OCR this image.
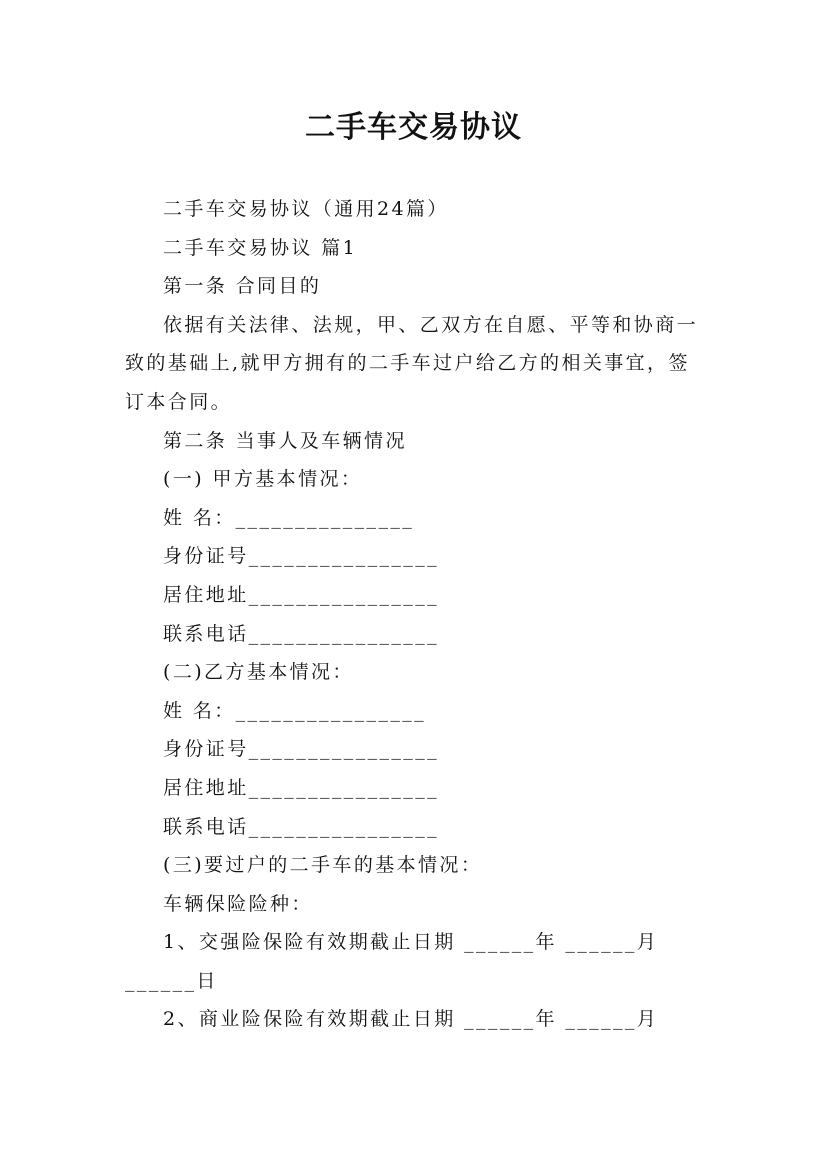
二手车交易协议

二手车交易协议（通用24篇）

二手车交易协议 篇1

第一条 合同目的

依据有关法律、法规，甲、乙双方在自愿、平等和协商一致的基础上,就甲方拥有的二手车过户给乙方的相关事宜，签订本合同。

第二条 当事人及车辆情况

(一) 甲方基本情况：

姓 名：_______________

身份证号________________

居住地址________________

联系电话________________

(二)乙方基本情况：

姓 名：________________

身份证号________________

居住地址________________

联系电话________________

(三)要过户的二手车的基本情况：

车辆保险险种：

1、交强险保险有效期截止日期 ______年 ______月

______日

2、商业险保险有效期截止日期 ______年 ______月
